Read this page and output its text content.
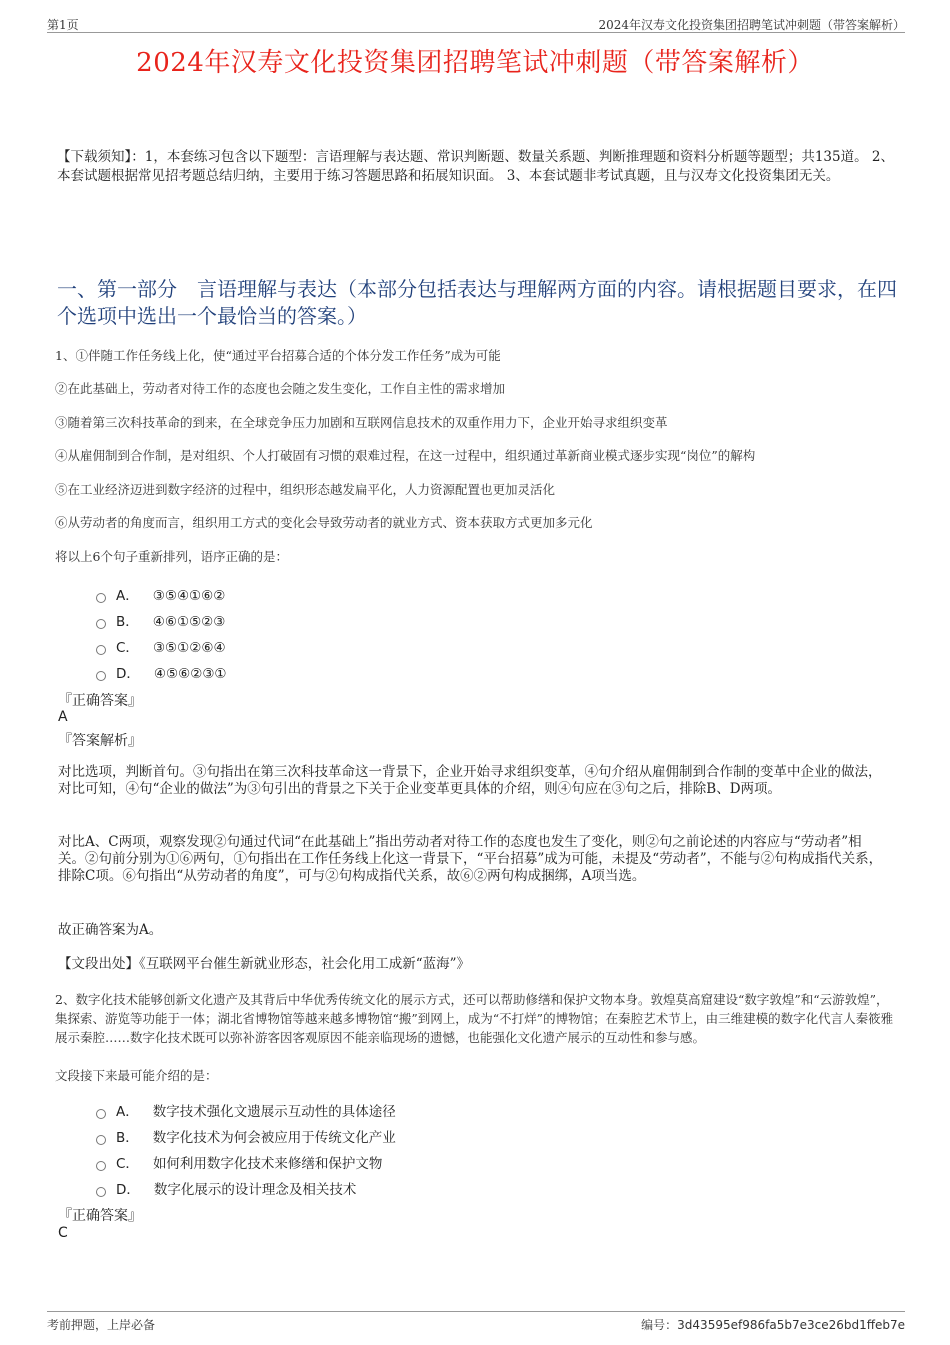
第1页	2024年汉寿文化投资集团招聘笔试冲刺题（带答案解析）
2024年汉寿文化投资集团招聘笔试冲刺题（带答案解析）
【下载须知】：1，本套练习包含以下题型：言语理解与表达题、常识判断题、数量关系题、判断推理题和资料分析题等题型；共135道。 2、本套试题根据常见招考题总结归纳，主要用于练习答题思路和拓展知识面。 3、本套试题非考试真题，且与汉寿文化投资集团无关。
一、第一部分　言语理解与表达（本部分包括表达与理解两方面的内容。请根据题目要求，在四个选项中选出一个最恰当的答案。）
1、①伴随工作任务线上化，使“通过平台招募合适的个体分发工作任务”成为可能
②在此基础上，劳动者对待工作的态度也会随之发生变化，工作自主性的需求增加
③随着第三次科技革命的到来，在全球竞争压力加剧和互联网信息技术的双重作用力下，企业开始寻求组织变革
④从雇佣制到合作制，是对组织、个人打破固有习惯的艰难过程，在这一过程中，组织通过革新商业模式逐步实现“岗位”的解构
⑤在工业经济迈进到数字经济的过程中，组织形态越发扁平化，人力资源配置也更加灵活化
⑥从劳动者的角度而言，组织用工方式的变化会导致劳动者的就业方式、资本获取方式更加多元化
将以上6个句子重新排列，语序正确的是：
A． ③⑤④①⑥②
B． ④⑥①⑤②③
C． ③⑤①②⑥④
D． ④⑤⑥②③①
『正确答案』
A
『答案解析』
对比选项，判断首句。③句指出在第三次科技革命这一背景下，企业开始寻求组织变革，④句介绍从雇佣制到合作制的变革中企业的做法，对比可知，④句“企业的做法”为③句引出的背景之下关于企业变革更具体的介绍，则④句应在③句之后，排除B、D两项。
对比A、C两项，观察发现②句通过代词“在此基础上”指出劳动者对待工作的态度也发生了变化，则②句之前论述的内容应与“劳动者”相关。②句前分别为①⑥两句，①句指出在工作任务线上化这一背景下，“平台招募”成为可能，未提及“劳动者”，不能与②句构成指代关系，排除C项。⑥句指出“从劳动者的角度”，可与②句构成指代关系，故⑥②两句构成捆绑，A项当选。
故正确答案为A。
【文段出处】《互联网平台催生新就业形态，社会化用工成新“蓝海”》
2、数字化技术能够创新文化遗产及其背后中华优秀传统文化的展示方式，还可以帮助修缮和保护文物本身。敦煌莫高窟建设“数字敦煌”和“云游敦煌”，集探索、游览等功能于一体；湖北省博物馆等越来越多博物馆“搬”到网上，成为“不打烊”的博物馆；在秦腔艺术节上，由三维建模的数字化代言人秦筱雅展示秦腔……数字化技术既可以弥补游客因客观原因不能亲临现场的遗憾，也能强化文化遗产展示的互动性和参与感。
文段接下来最可能介绍的是：
A． 数字技术强化文遗展示互动性的具体途径
B． 数字化技术为何会被应用于传统文化产业
C． 如何利用数字化技术来修缮和保护文物
D． 数字化展示的设计理念及相关技术
『正确答案』
C
考前押题，上岸必备	编号：3d43595ef986fa5b7e3ce26bd1ffeb7e
